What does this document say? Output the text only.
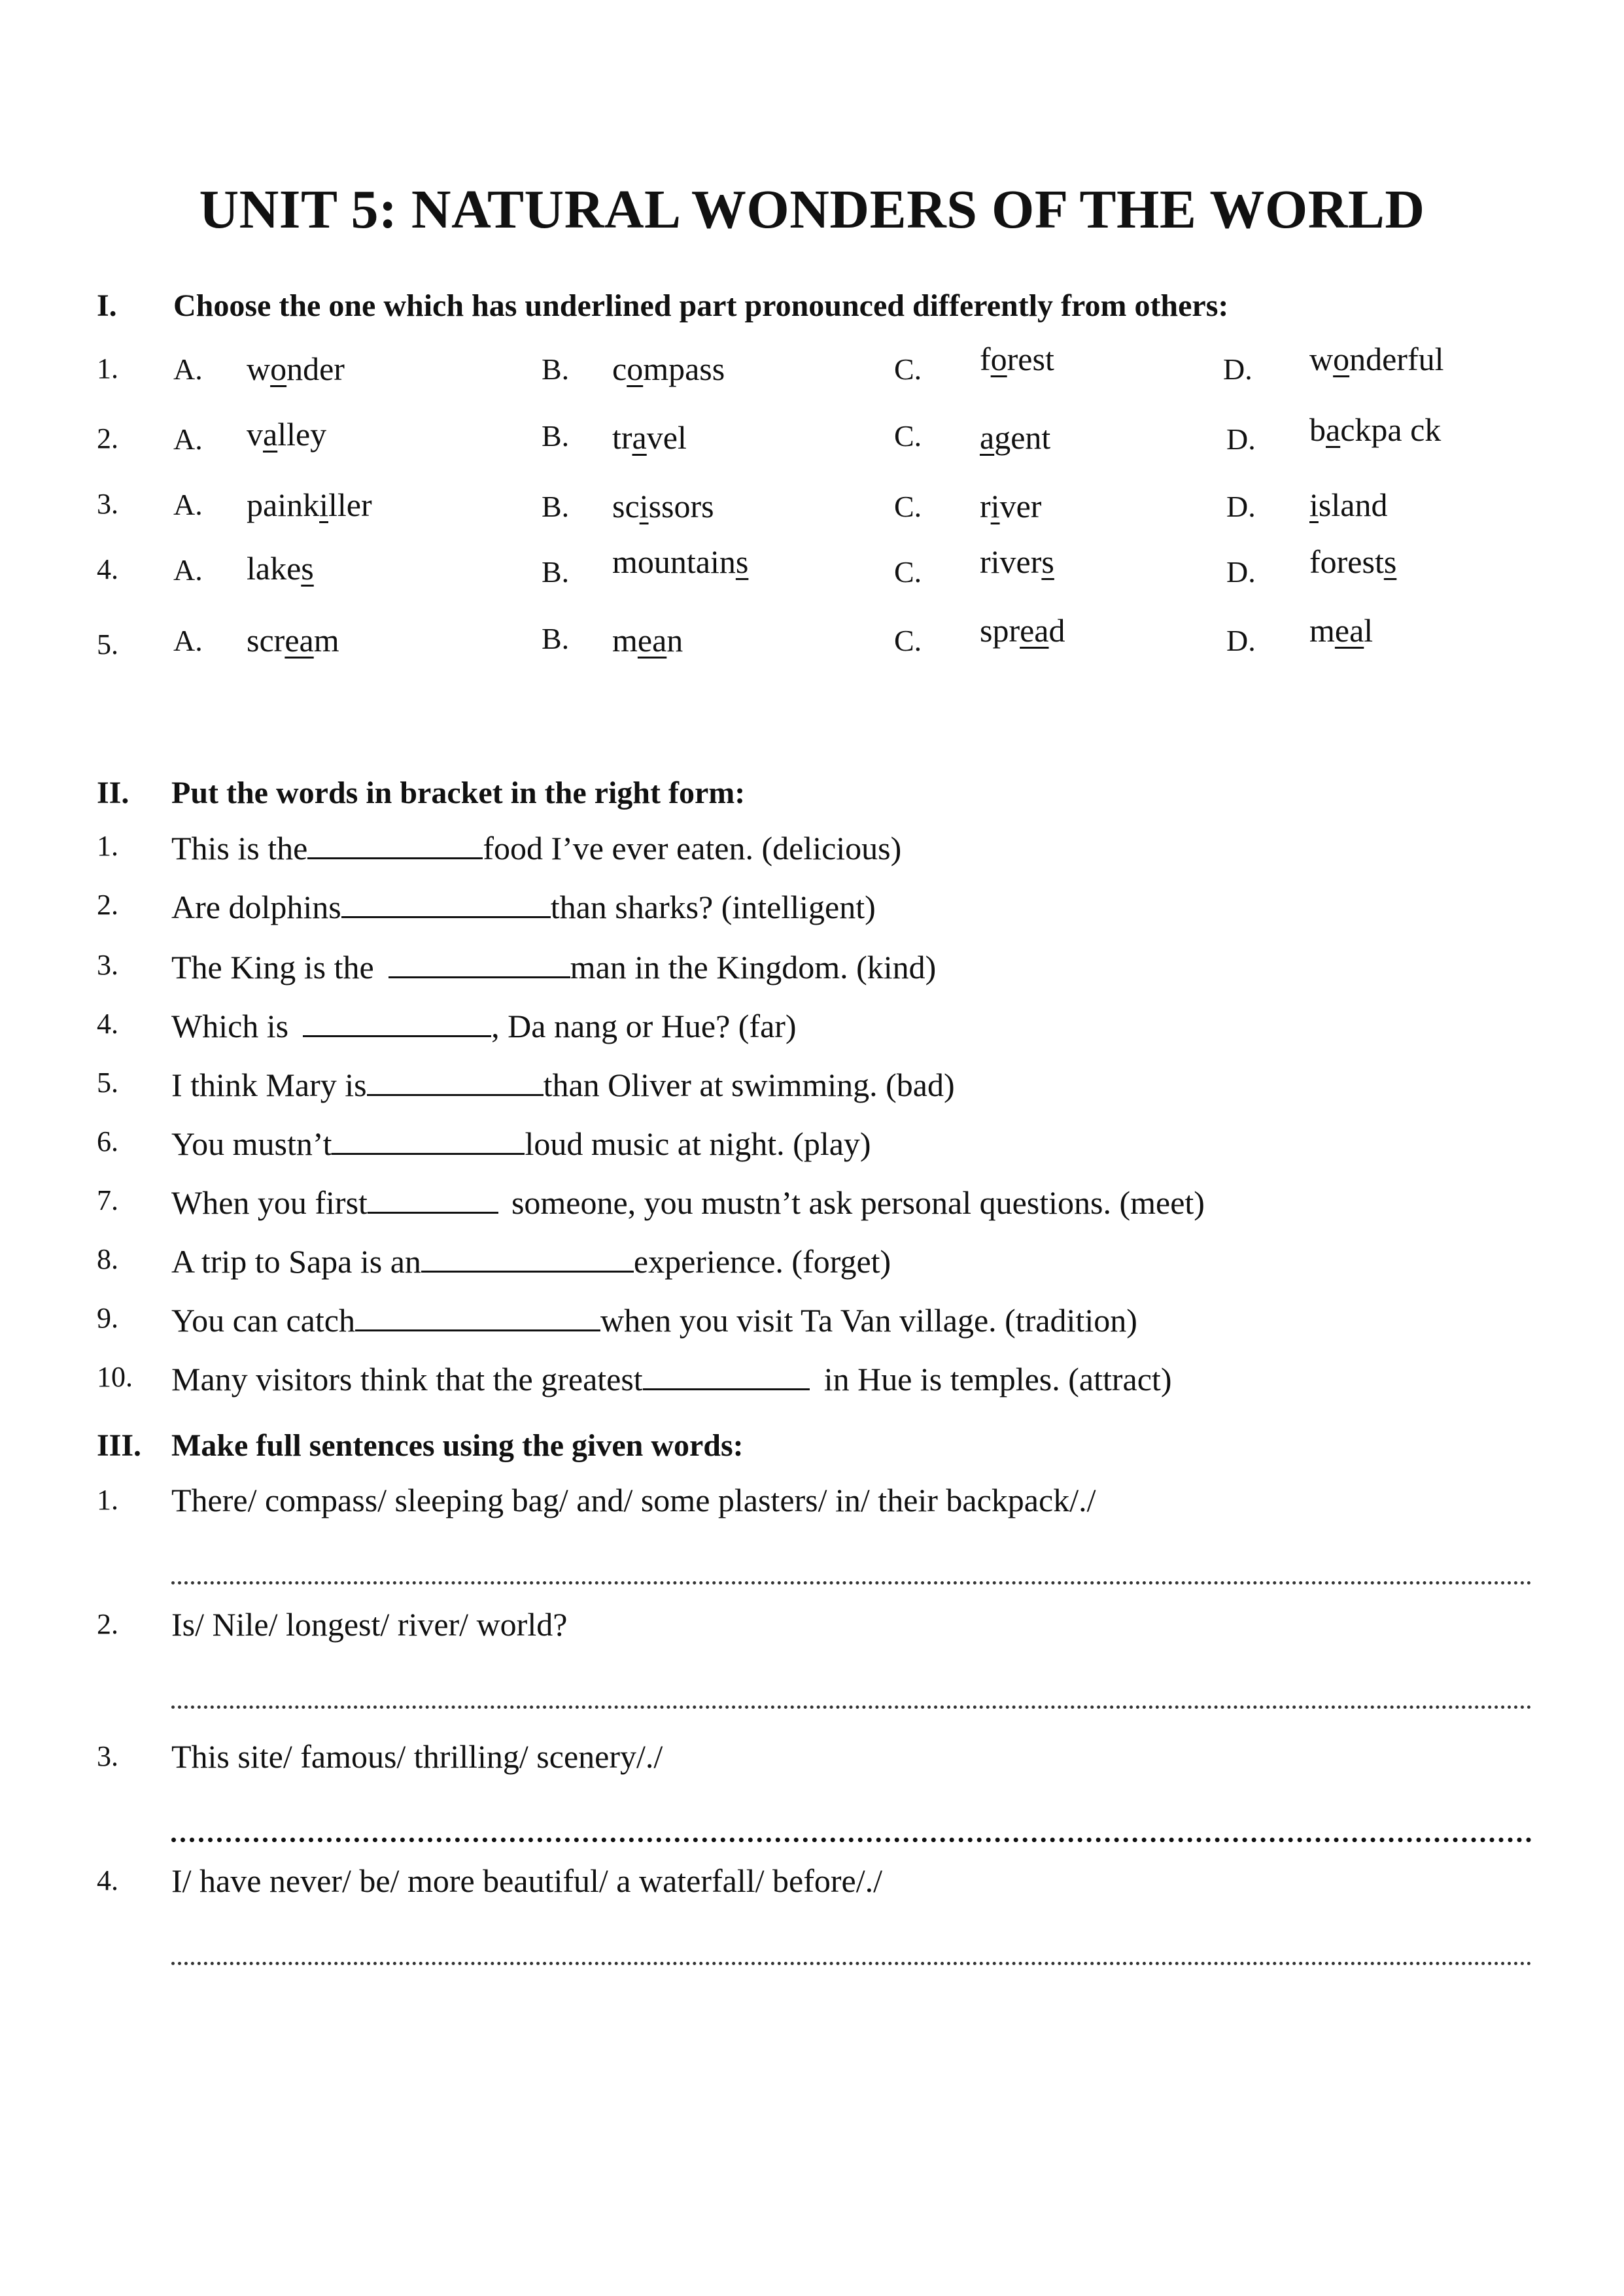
UNIT 5: NATURAL WONDERS OF THE WORLD
I. Choose the one which has underlined part pronounced differently from others:
1. A. wonder	B. compass	C. forest	D. wonderful
2. A. valley	B. travel	C. agent	D. backpa ck
3. A. painkiller	B. scissors	C. river	D. island
4. A. lakes	B. mountains	C. rivers	D. forests
5. A. scream	B. mean	C. spread	D. meal
II. Put the words in bracket in the right form:
1. This is the	food I’ve ever eaten. (delicious)
2. Are dolphins	than sharks? (intelligent)
3. The King is the	man in the Kingdom. (kind)
4. Which is	, Da nang or Hue? (far)
5. I think Mary is	than Oliver at swimming. (bad)
6. You mustn’t	loud music at night. (play)
7. When you first	someone, you mustn’t ask personal questions. (meet)
8. A trip to Sapa is an	experience. (forget)
9. You can catch	when you visit Ta Van village. (tradition)
10. Many visitors think that the greatest	in Hue is temples. (attract)
III. Make full sentences using the given words:
1. There/ compass/ sleeping bag/ and/ some plasters/ in/ their backpack/./
2. Is/ Nile/ longest/ river/ world?
3. This site/ famous/ thrilling/ scenery/./
4. I/ have never/ be/ more beautiful/ a waterfall/ before/./
